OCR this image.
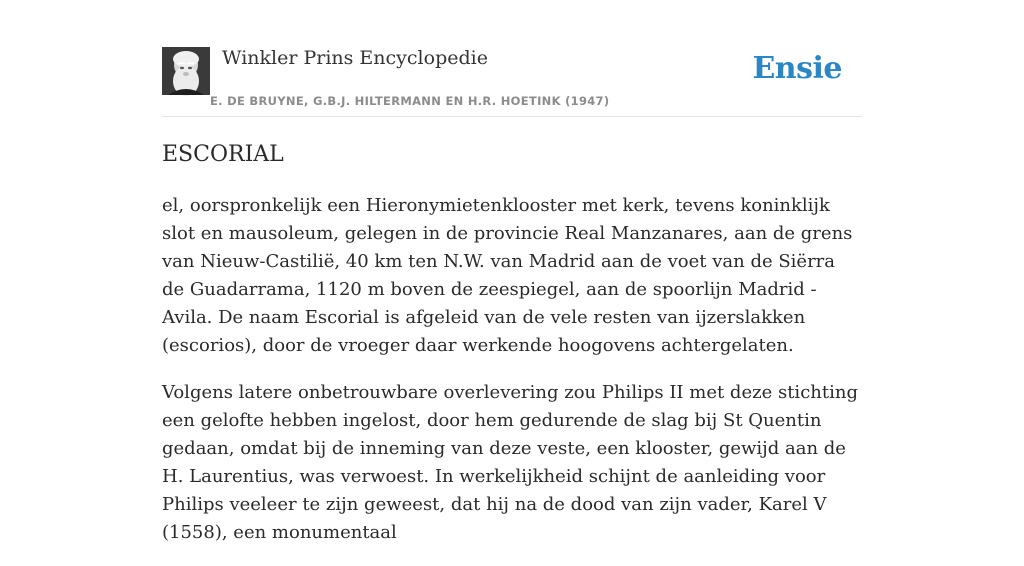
Winkler Prins Encyclopedie
E. DE BRUYNE, G.B.J. HILTERMANN EN H.R. HOETINK (1947)
Ensie
ESCORIAL

el, oorspronkelijk een Hieronymietenklooster met kerk, tevens koninklijk slot en mausoleum, gelegen in de provincie Real Manzanares, aan de grens van Nieuw-Castilië, 40 km ten N.W. van Madrid aan de voet van de Siërra de Guadarrama, 1120 m boven de zeespiegel, aan de spoorlijn Madrid - Avila. De naam Escorial is afgeleid van de vele resten van ijzerslakken (escorios), door de vroeger daar werkende hoogovens achtergelaten.

Volgens latere onbetrouwbare overlevering zou Philips II met deze stichting een gelofte hebben ingelost, door hem gedurende de slag bij St Quentin gedaan, omdat bij de inneming van deze veste, een klooster, gewijd aan de H. Laurentius, was verwoest. In werkelijkheid schijnt de aanleiding voor Philips veeleer te zijn geweest, dat hij na de dood van zijn vader, Karel V (1558), een monumentaal
